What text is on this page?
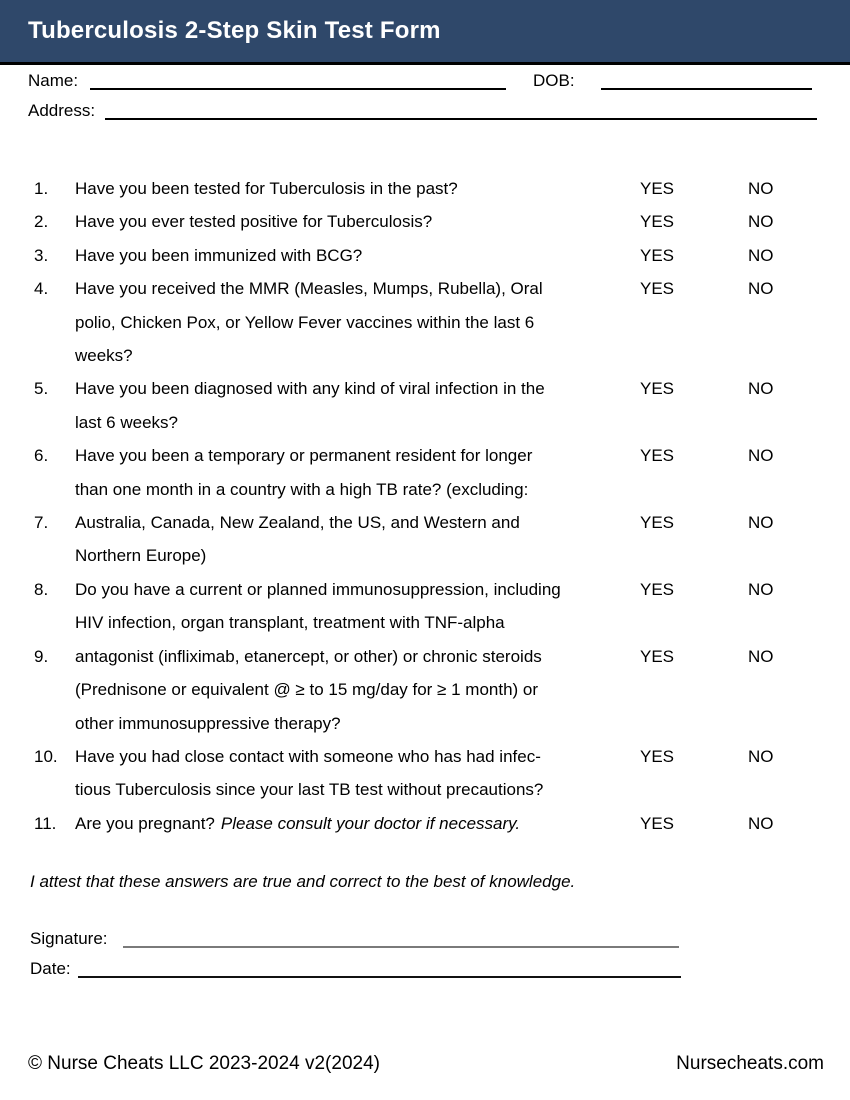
Tuberculosis 2-Step Skin Test Form
Name:	DOB:
Address:
1. Have you been tested for Tuberculosis in the past?	YES	NO
2. Have you ever tested positive for Tuberculosis?	YES	NO
3. Have you been immunized with BCG?	YES	NO
4. Have you received the MMR (Measles, Mumps, Rubella), Oral
polio, Chicken Pox, or Yellow Fever vaccines within the last 6
weeks?
YES	NO
5. Have you been diagnosed with any kind of viral infection in the
last 6 weeks?
YES	NO
6. Have you been a temporary or permanent resident for longer
than one month in a country with a high TB rate? (excluding:
YES	NO
7. Australia, Canada, New Zealand, the US, and Western and
Northern Europe)
YES	NO
8. Do you have a current or planned immunosuppression, including
HIV infection, organ transplant, treatment with TNF-alpha
YES	NO
9. antagonist (infliximab, etanercept, or other) or chronic steroids
(Prednisone or equivalent @ ≥ to 15 mg/day for ≥ 1 month) or
other immunosuppressive therapy?
YES	NO
10. Have you had close contact with someone who has had infec-
tious Tuberculosis since your last TB test without precautions?
YES	NO
11. Are you pregnant? Please consult your doctor if necessary.	YES	NO
I attest that these answers are true and correct to the best of knowledge.
Signature:
Date:
© Nurse Cheats LLC 2023-2024 v2(2024)	Nursecheats.com
